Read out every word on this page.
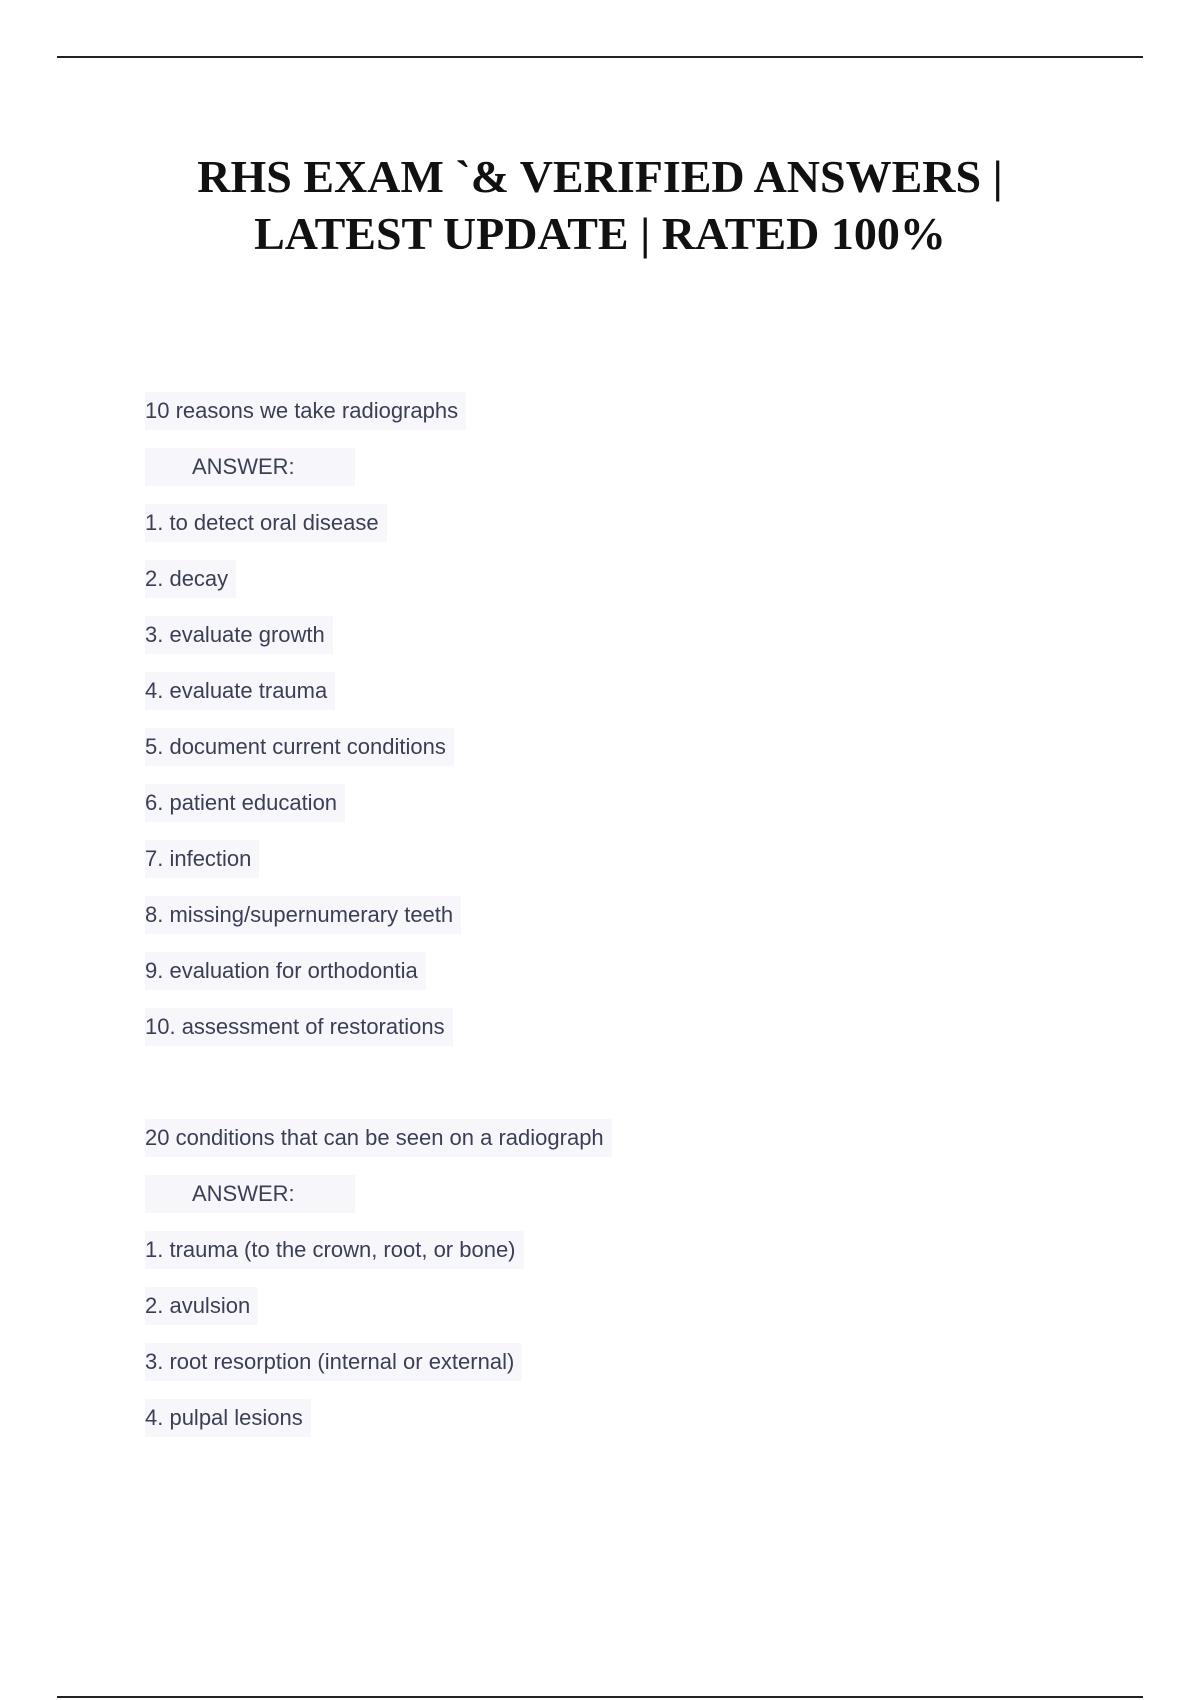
RHS EXAM `& VERIFIED ANSWERS |
LATEST UPDATE | RATED 100%
10 reasons we take radiographs
ANSWER:
1. to detect oral disease
2. decay
3. evaluate growth
4. evaluate trauma
5. document current conditions
6. patient education
7. infection
8. missing/supernumerary teeth
9. evaluation for orthodontia
10. assessment of restorations
20 conditions that can be seen on a radiograph
ANSWER:
1. trauma (to the crown, root, or bone)
2. avulsion
3. root resorption (internal or external)
4. pulpal lesions
